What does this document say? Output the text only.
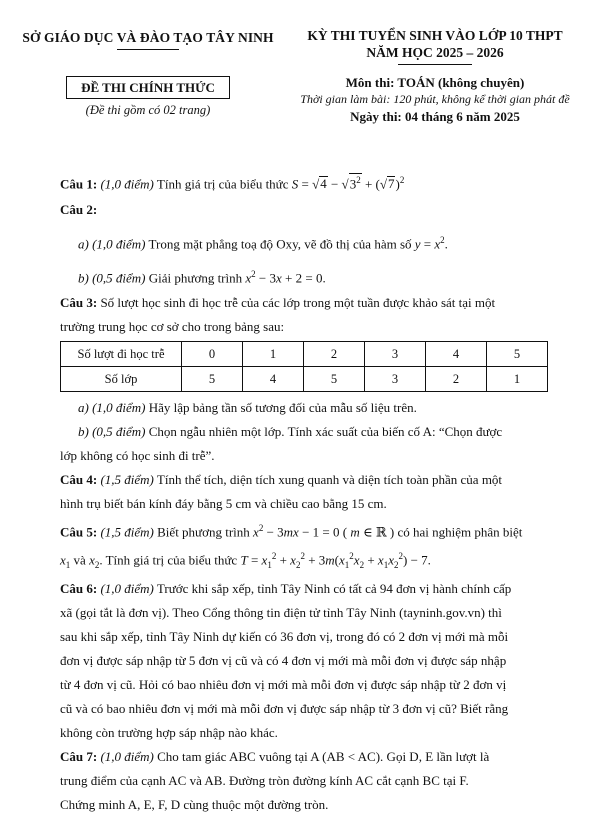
SỞ GIÁO DỤC VÀ ĐÀO TẠO TÂY NINH
ĐỀ THI CHÍNH THỨC
(Đề thi gồm có 02 trang)
KỲ THI TUYỂN SINH VÀO LỚP 10 THPT
NĂM HỌC 2025 – 2026
Môn thi: TOÁN (không chuyên)
Thời gian làm bài: 120 phút, không kể thời gian phát đề
Ngày thi: 04 tháng 6 năm 2025
Câu 1: (1,0 điểm) Tính giá trị của biểu thức $S = √4 - √3^2 + (√7)^2$
Câu 2:
a) (1,0 điểm) Trong mặt phẳng toạ độ Oxy, vẽ đồ thị của hàm số $y = x^2$.
b) (0,5 điểm) Giải phương trình $x^2 - 3x + 2 = 0$.
Câu 3: Số lượt học sinh đi học trễ của các lớp trong một tuần được khảo sát tại một
trường trung học cơ sở cho trong bảng sau:
Số lượt đi học trễ	0	1	2	3	4	5
Số lớp	5	4	5	3	2	1
a) (1,0 điểm) Hãy lập bảng tần số tương đối của mẫu số liệu trên.
b) (0,5 điểm) Chọn ngẫu nhiên một lớp. Tính xác suất của biến cố A: “Chọn được
lớp không có học sinh đi trễ”.
Câu 4: (1,5 điểm) Tính thể tích, diện tích xung quanh và diện tích toàn phần của một
hình trụ biết bán kính đáy bằng 5 cm và chiều cao bằng 15 cm.
Câu 5: (1,5 điểm) Biết phương trình $x^2 - 3mx - 1 = 0$ ( m ∈ ℝ ) có hai nghiệm phân biệt
$x_1$ và $x_2$. Tính giá trị của biểu thức $T = x_1^2 + x_2^2 + 3m(x_1^2x_2 + x_1x_2^2) - 7$.
Câu 6: (1,0 điểm) Trước khi sắp xếp, tỉnh Tây Ninh có tất cả 94 đơn vị hành chính cấp
xã (gọi tắt là đơn vị). Theo Cổng thông tin điện tử tỉnh Tây Ninh (tayninh.gov.vn) thì
sau khi sắp xếp, tỉnh Tây Ninh dự kiến có 36 đơn vị, trong đó có 2 đơn vị mới mà mỗi
đơn vị được sáp nhập từ 5 đơn vị cũ và có 4 đơn vị mới mà mỗi đơn vị được sáp nhập
từ 4 đơn vị cũ. Hỏi có bao nhiêu đơn vị mới mà mỗi đơn vị được sáp nhập từ 2 đơn vị
cũ và có bao nhiêu đơn vị mới mà mỗi đơn vị được sáp nhập từ 3 đơn vị cũ? Biết rằng
không còn trường hợp sáp nhập nào khác.
Câu 7: (1,0 điểm) Cho tam giác ABC vuông tại A (AB < AC). Gọi D, E lần lượt là
trung điểm của cạnh AC và AB. Đường tròn đường kính AC cắt cạnh BC tại F.
Chứng minh A, E, F, D cùng thuộc một đường tròn.
